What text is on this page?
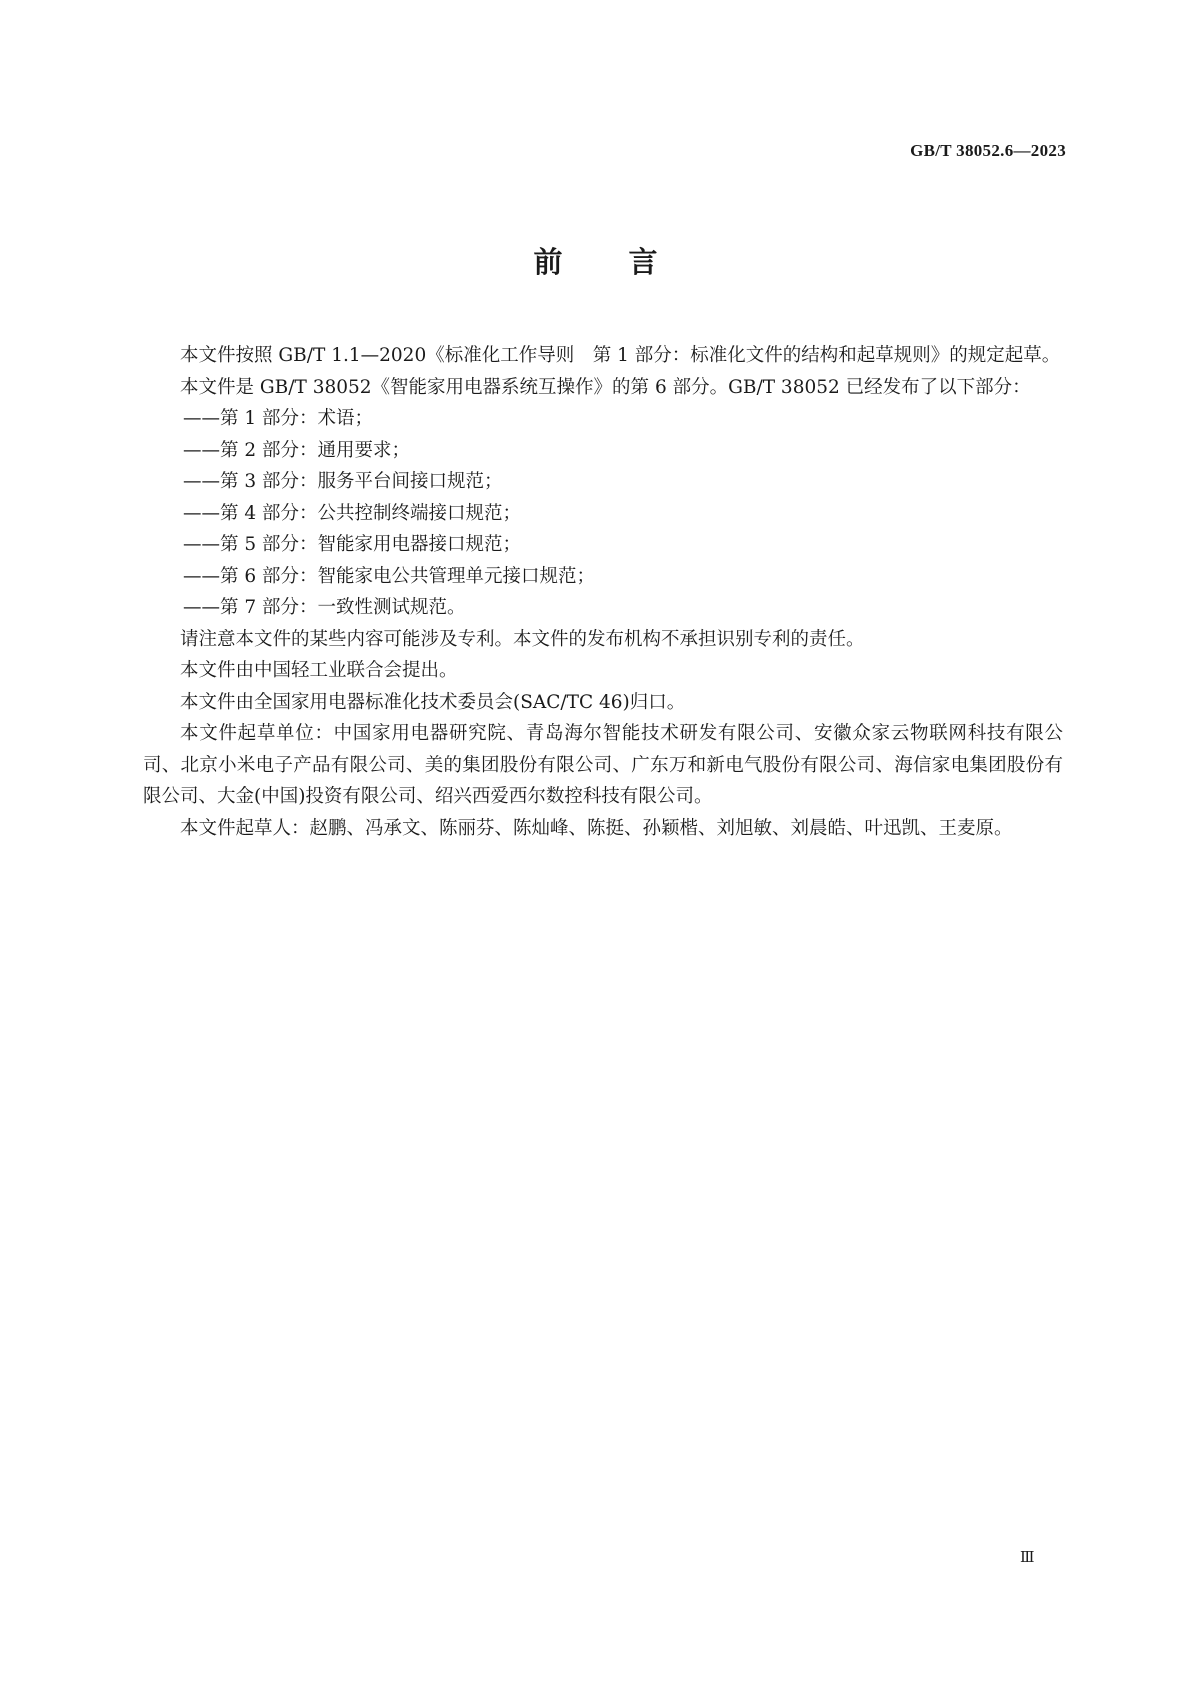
GB/T 38052.6—2023
前言

本文件按照 GB/T 1.1—2020《标准化工作导则　第 1 部分：标准化文件的结构和起草规则》的规定起草。

本文件是 GB/T 38052《智能家用电器系统互操作》的第 6 部分。GB/T 38052 已经发布了以下部分：

——第 1 部分：术语；
——第 2 部分：通用要求；
——第 3 部分：服务平台间接口规范；
——第 4 部分：公共控制终端接口规范；
——第 5 部分：智能家用电器接口规范；
——第 6 部分：智能家电公共管理单元接口规范；
——第 7 部分：一致性测试规范。

请注意本文件的某些内容可能涉及专利。本文件的发布机构不承担识别专利的责任。

本文件由中国轻工业联合会提出。

本文件由全国家用电器标准化技术委员会(SAC/TC 46)归口。

本文件起草单位：中国家用电器研究院、青岛海尔智能技术研发有限公司、安徽众家云物联网科技有限公司、北京小米电子产品有限公司、美的集团股份有限公司、广东万和新电气股份有限公司、海信家电集团股份有限公司、大金(中国)投资有限公司、绍兴西爱西尔数控科技有限公司。

本文件起草人：赵鹏、冯承文、陈丽芬、陈灿峰、陈挺、孙颖楷、刘旭敏、刘晨皓、叶迅凯、王麦原。

Ⅲ
